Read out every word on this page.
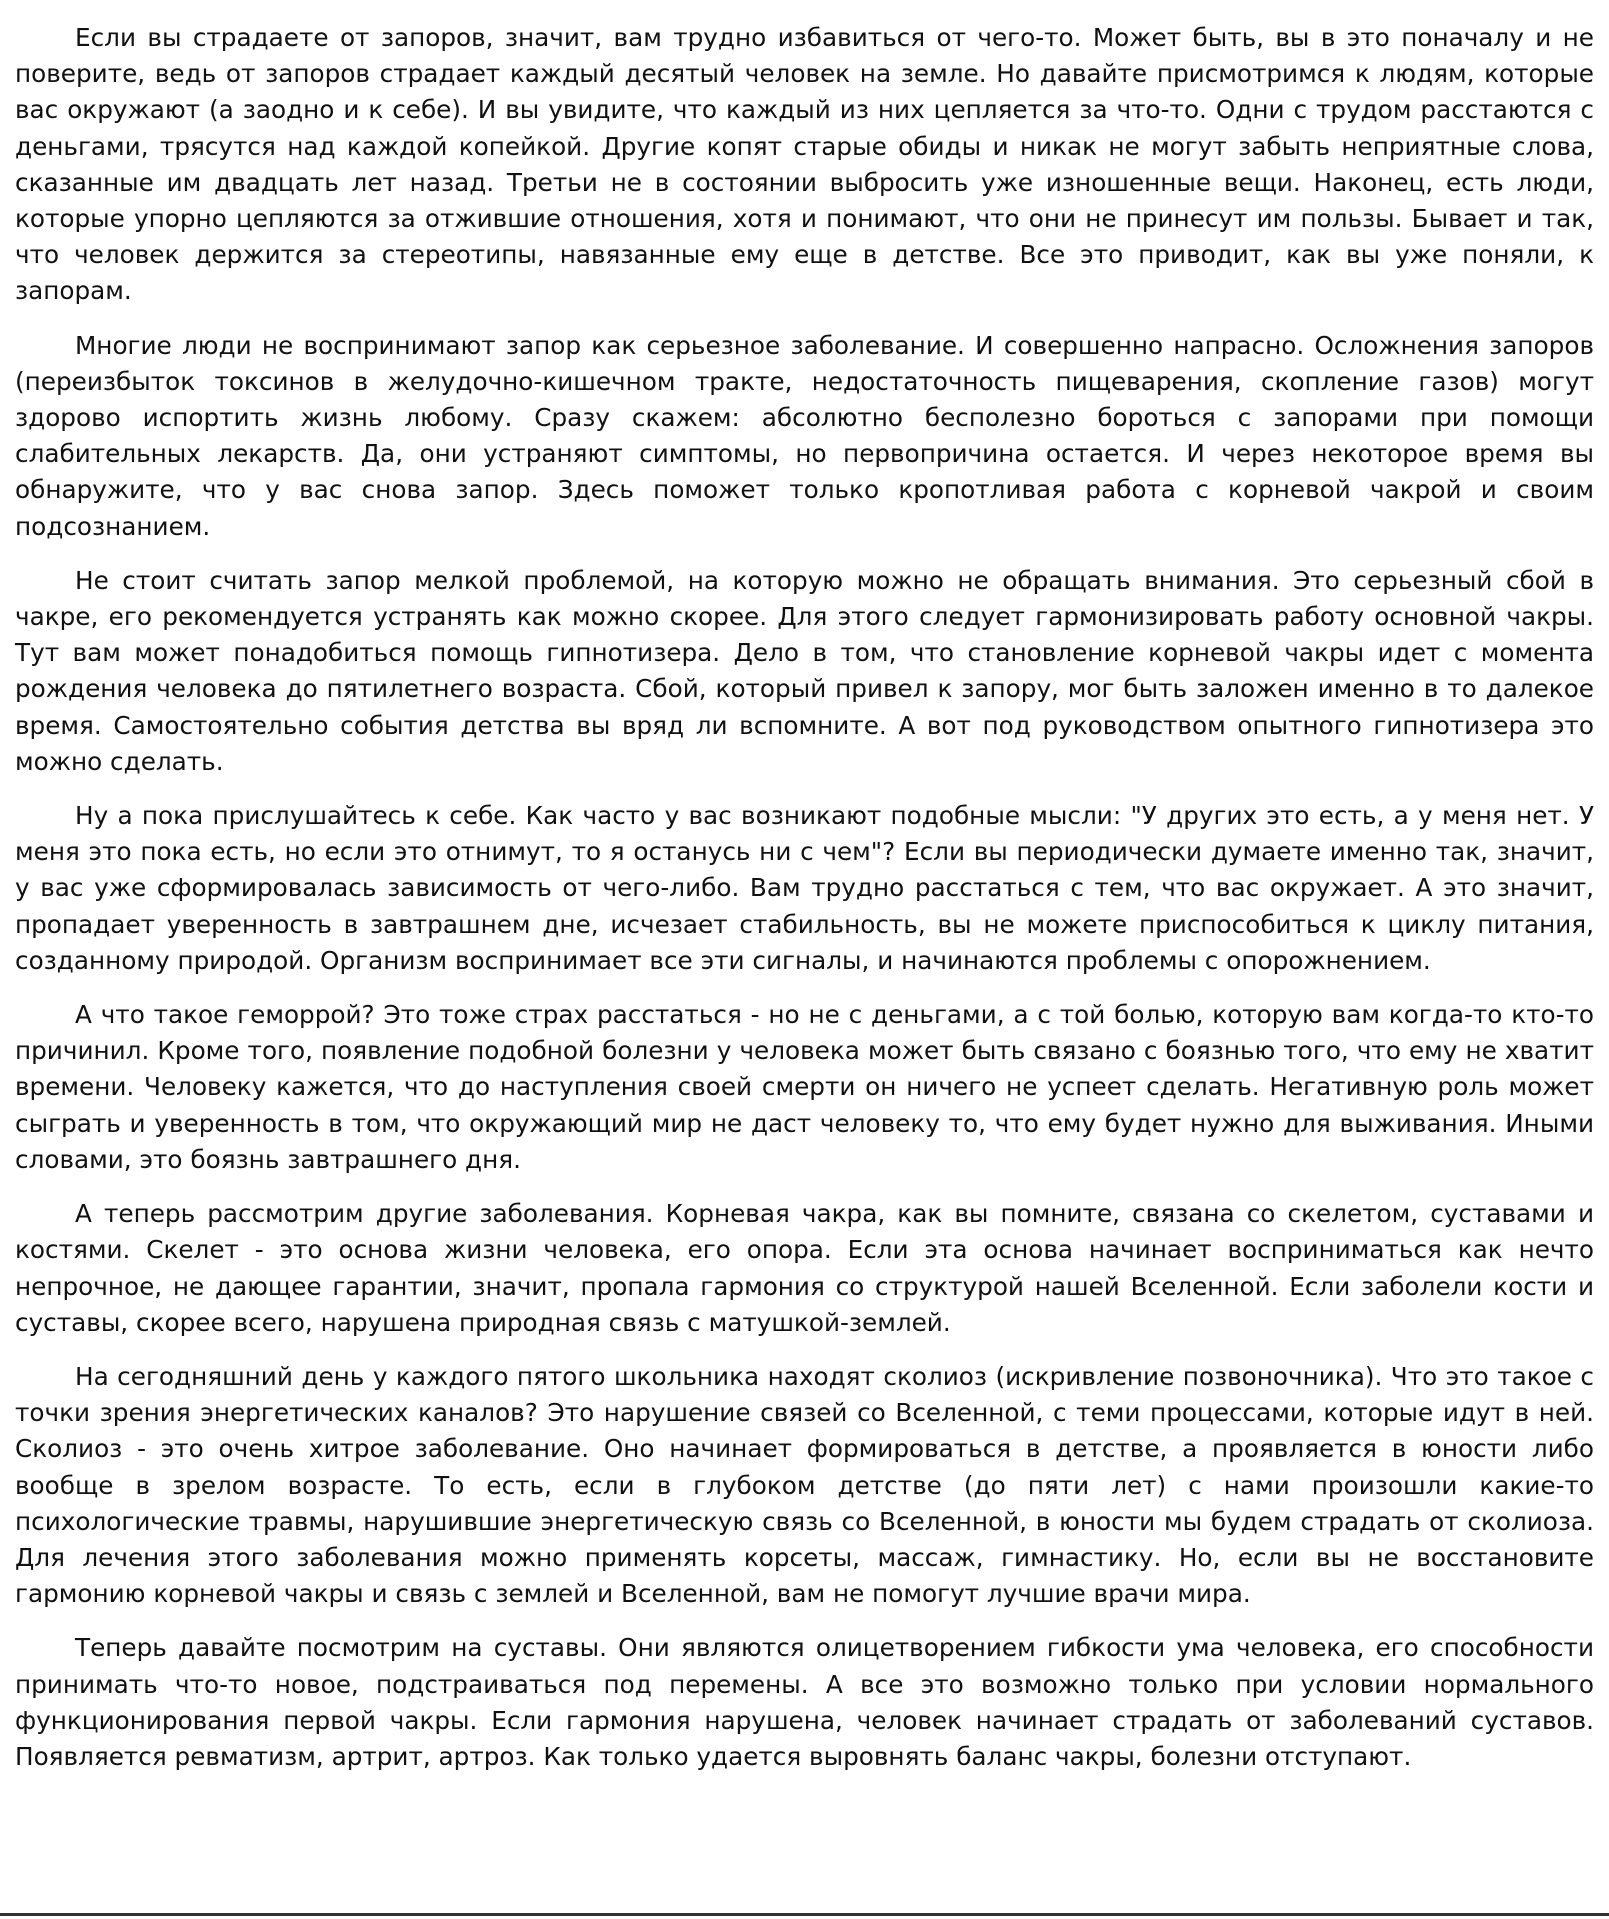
Если вы страдаете от запоров, значит, вам трудно избавиться от чего-то. Может быть, вы в это поначалу и не поверите, ведь от запоров страдает каждый десятый человек на земле. Но давайте присмотримся к людям, которые вас окружают (а заодно и к себе). И вы увидите, что каждый из них цепляется за что-то. Одни с трудом расстаются с деньгами, трясутся над каждой копейкой. Другие копят старые обиды и никак не могут забыть неприятные слова, сказанные им двадцать лет назад. Третьи не в состоянии выбросить уже изношенные вещи. Наконец, есть люди, которые упорно цепляются за отжившие отношения, хотя и понимают, что они не принесут им пользы. Бывает и так, что человек держится за стереотипы, навязанные ему еще в детстве. Все это приводит, как вы уже поняли, к запорам.

Многие люди не воспринимают запор как серьезное заболевание. И совершенно напрасно. Осложнения запоров (переизбыток токсинов в желудочно-кишечном тракте, недостаточность пищеварения, скопление газов) могут здорово испортить жизнь любому. Сразу скажем: абсолютно бесполезно бороться с запорами при помощи слабительных лекарств. Да, они устраняют симптомы, но первопричина остается. И через некоторое время вы обнаружите, что у вас снова запор. Здесь поможет только кропотливая работа с корневой чакрой и своим подсознанием.

Не стоит считать запор мелкой проблемой, на которую можно не обращать внимания. Это серьезный сбой в чакре, его рекомендуется устранять как можно скорее. Для этого следует гармонизировать работу основной чакры. Тут вам может понадобиться помощь гипнотизера. Дело в том, что становление корневой чакры идет с момента рождения человека до пятилетнего возраста. Сбой, который привел к запору, мог быть заложен именно в то далекое время. Самостоятельно события детства вы вряд ли вспомните. А вот под руководством опытного гипнотизера это можно сделать.

Ну а пока прислушайтесь к себе. Как часто у вас возникают подобные мысли: "У других это есть, а у меня нет. У меня это пока есть, но если это отнимут, то я останусь ни с чем"? Если вы периодически думаете именно так, значит, у вас уже сформировалась зависимость от чего-либо. Вам трудно расстаться с тем, что вас окружает. А это значит, пропадает уверенность в завтрашнем дне, исчезает стабильность, вы не можете приспособиться к циклу питания, созданному природой. Организм воспринимает все эти сигналы, и начинаются проблемы с опорожнением.

А что такое геморрой? Это тоже страх расстаться - но не с деньгами, а с той болью, которую вам когда-то кто-то причинил. Кроме того, появление подобной болезни у человека может быть связано с боязнью того, что ему не хватит времени. Человеку кажется, что до наступления своей смерти он ничего не успеет сделать. Негативную роль может сыграть и уверенность в том, что окружающий мир не даст человеку то, что ему будет нужно для выживания. Иными словами, это боязнь завтрашнего дня.

А теперь рассмотрим другие заболевания. Корневая чакра, как вы помните, связана со скелетом, суставами и костями. Скелет - это основа жизни человека, его опора. Если эта основа начинает восприниматься как нечто непрочное, не дающее гарантии, значит, пропала гармония со структурой нашей Вселенной. Если заболели кости и суставы, скорее всего, нарушена природная связь с матушкой-землей.

На сегодняшний день у каждого пятого школьника находят сколиоз (искривление позвоночника). Что это такое с точки зрения энергетических каналов? Это нарушение связей со Вселенной, с теми процессами, которые идут в ней. Сколиоз - это очень хитрое заболевание. Оно начинает формироваться в детстве, а проявляется в юности либо вообще в зрелом возрасте. То есть, если в глубоком детстве (до пяти лет) с нами произошли какие-то психологические травмы, нарушившие энергетическую связь со Вселенной, в юности мы будем страдать от сколиоза. Для лечения этого заболевания можно применять корсеты, массаж, гимнастику. Но, если вы не восстановите гармонию корневой чакры и связь с землей и Вселенной, вам не помогут лучшие врачи мира.

Теперь давайте посмотрим на суставы. Они являются олицетворением гибкости ума человека, его способности принимать что-то новое, подстраиваться под перемены. А все это возможно только при условии нормального функционирования первой чакры. Если гармония нарушена, человек начинает страдать от заболеваний суставов. Появляется ревматизм, артрит, артроз. Как только удается выровнять баланс чакры, болезни отступают.
